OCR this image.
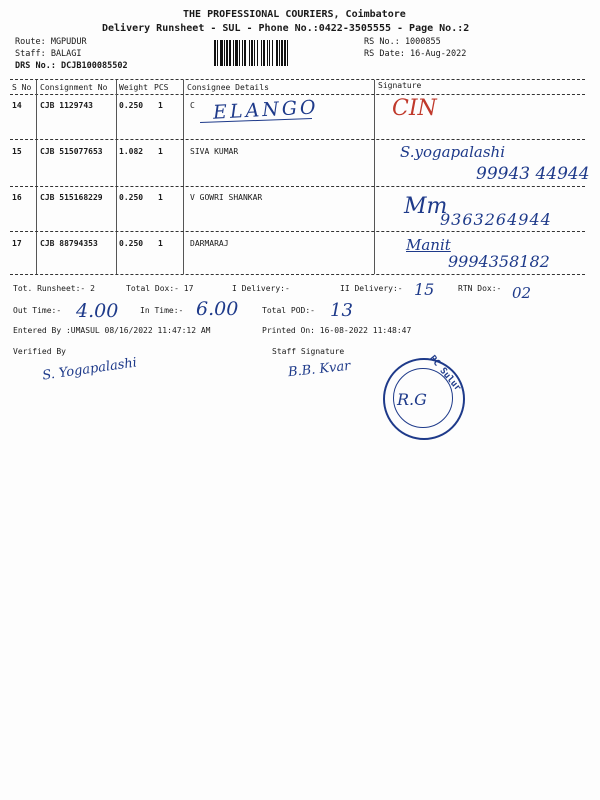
THE PROFESSIONAL COURIERS, Coimbatore
Delivery Runsheet - SUL - Phone No.:0422-3505555 - Page No.:2
Route: MGPUDUR
Staff: BALAGI
DRS No.: DCJB100085502
RS No.: 1000855
RS Date: 16-Aug-2022
S No Consignment No Weight PCS Consignee Details	Signature
14 CJB 1129743	0.250 1	C ELANGO	CIN
15 CJB 515077653 1.082 1	SIVA KUMAR	S.yogapalashi
99943 44944
16 CJB 515168229 0.250 1	V GOWRI SHANKAR	Mm
9363264944
17 CJB 88794353	0.250 1	DARMARAJ	Manit
9994358182
Tot. Runsheet:- 2	Total Dox:- 17	I Delivery:-	II Delivery:- 15	RTN Dox:- 02
Out Time:- 4.00	In Time:- 6.00	Total POD:- 13
Entered By :UMASUL 08/16/2022 11:47:12 AM	Printed On: 16-08-2022 11:48:47
Verified By	Staff Signature
S. Yogapalashi	B.B. Kvar	PC Sulur
R.G
